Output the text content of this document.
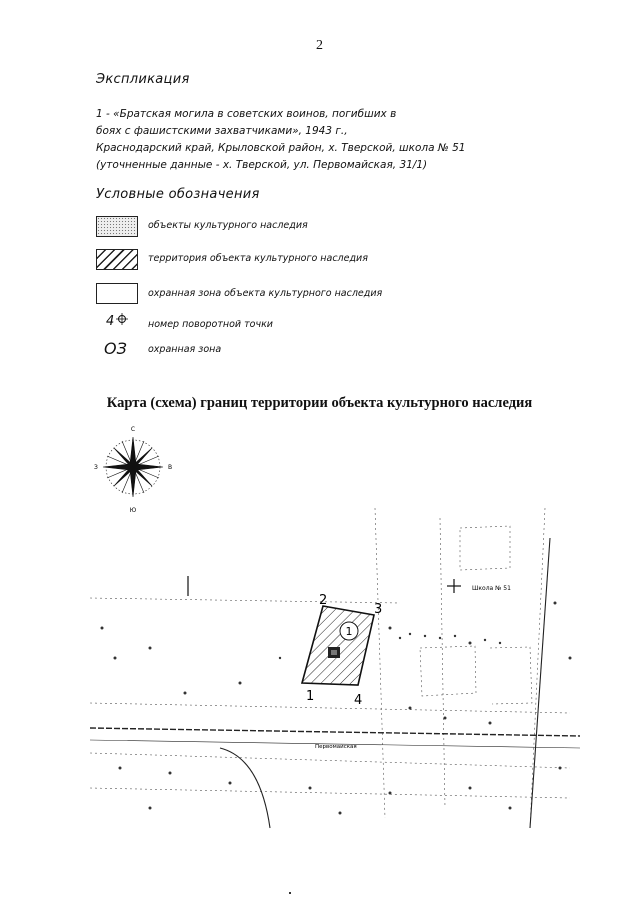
2
Экспликация
1 - «Братская могила в советских воинов, погибших в
боях с фашистскими захватчиками», 1943 г.,
Краснодарский край, Крыловской район, х. Тверской, школа № 51
(уточненные данные - х. Тверской, ул. Первомайская, 31/1)
Условные обозначения
объекты культурного наследия
территория объекта культурного наследия
охранная зона объекта культурного наследия
4	номер поворотной точки
ОЗ охранная зона
Карта (схема) границ территории объекта культурного наследия
С
Ю
З	В
Школа № 51
Первомайская
1
1
2
3
4
